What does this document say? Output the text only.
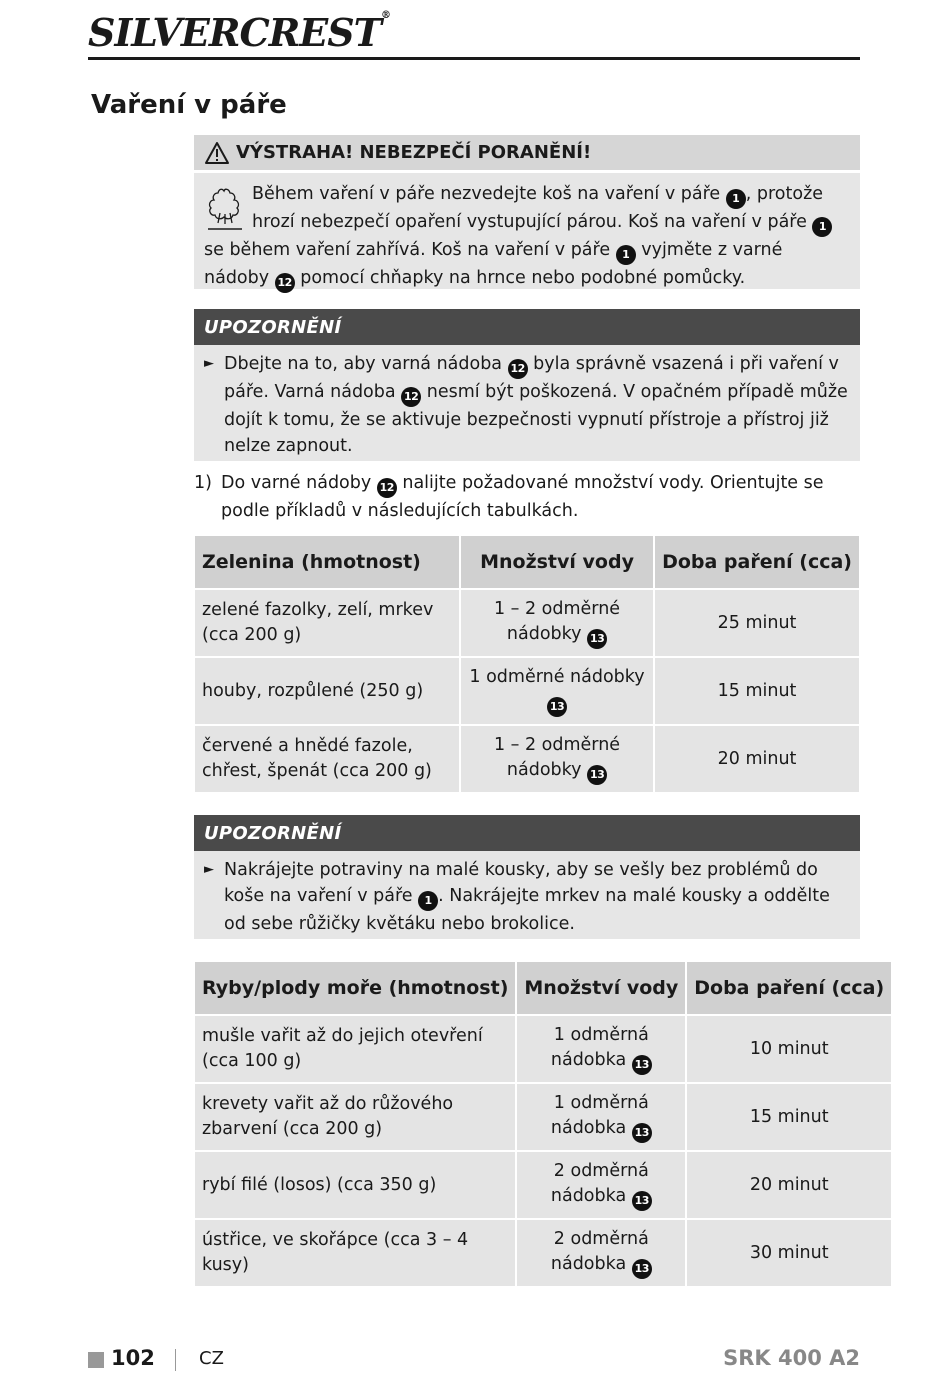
SILVERCREST®
Vaření v páře
VÝSTRAHA! NEBEZPEČÍ PORANĚNÍ!
Během vaření v páře nezvedejte koš na vaření v páře 1 , protože hrozí nebezpečí opaření vystupující párou. Koš na vaření v páře 1 se během vaření zahřívá. Koš na vaření v páře 1 vyjměte z varné nádoby 12 pomocí chňapky na hrnce nebo podobné pomůcky.
UPOZORNĚNÍ
► Dbejte na to, aby varná nádoba 12 byla správně vsazená i při vaření v páře. Varná nádoba 12 nesmí být poškozená. V opačném případě může dojít k tomu, že se aktivuje bezpečnosti vypnutí přístroje a přístroj již nelze zapnout.
1) Do varné nádoby 12 nalijte požadované množství vody. Orientujte se podle příkladů v následujících tabulkách.
Zelenina (hmotnost)	Množství vody	Doba paření (cca)
zelené fazolky, zelí, mrkev (cca 200 g)	1 – 2 odměrné nádobky 13	25 minut
houby, rozpůlené (250 g)	1 odměrné nádobky 13	15 minut
červené a hnědé fazole, chřest, špenát (cca 200 g)	1 – 2 odměrné nádobky 13	20 minut
UPOZORNĚNÍ
► Nakrájejte potraviny na malé kousky, aby se vešly bez problémů do koše na vaření v páře 1 . Nakrájejte mrkev na malé kousky a oddělte od sebe růžičky květáku nebo brokolice.
Ryby/plody moře (hmotnost)	Množství vody	Doba paření (cca)
mušle vařit až do jejich otevření (cca 100 g)	1 odměrná nádobka 13	10 minut
krevety vařit až do růžového zbarvení (cca 200 g)	1 odměrná nádobka 13	15 minut
rybí filé (losos) (cca 350 g)	2 odměrná nádobka 13	20 minut
ústřice, ve skořápce (cca 3 – 4 kusy)	2 odměrná nádobka 13	30 minut
102 CZ	SRK 400 A2
